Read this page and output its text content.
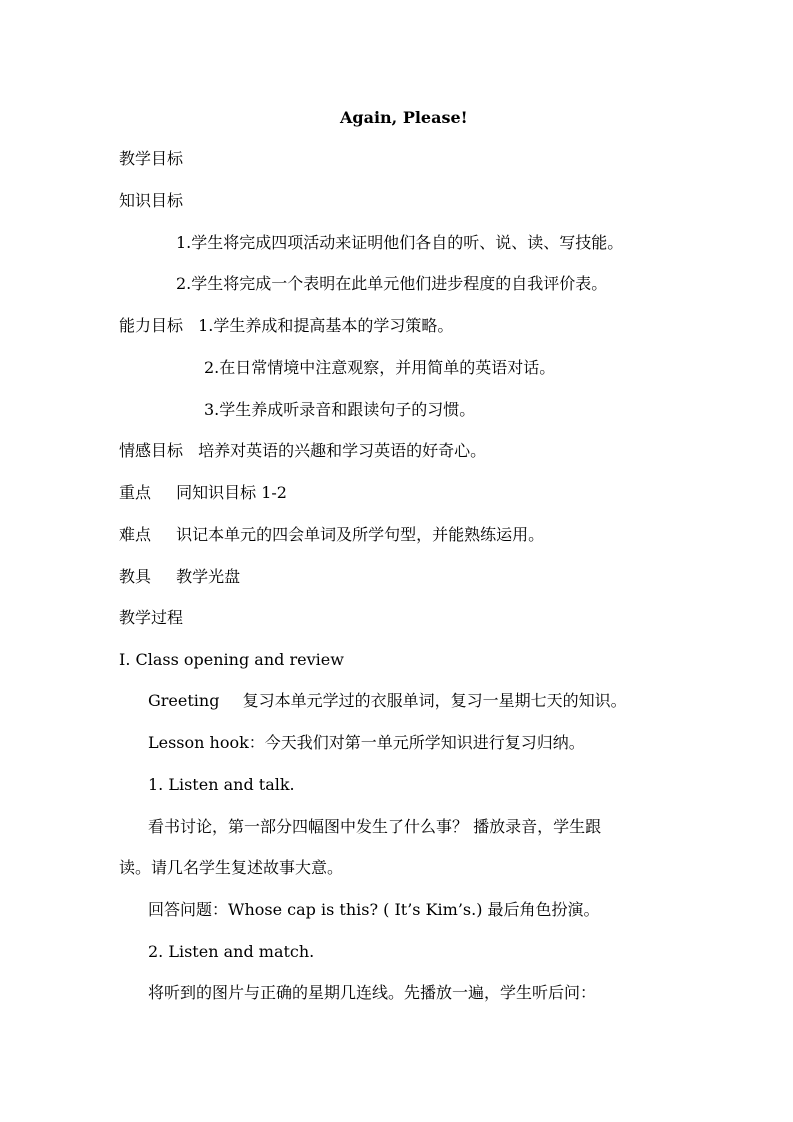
Again, Please!
教学目标
知识目标
1.学生将完成四项活动来证明他们各自的听、说、读、写技能。
2.学生将完成一个表明在此单元他们进步程度的自我评价表。
能力目标 1.学生养成和提高基本的学习策略。
2.在日常情境中注意观察，并用简单的英语对话。
3.学生养成听录音和跟读句子的习惯。
情感目标 培养对英语的兴趣和学习英语的好奇心。
重点 同知识目标 1-2
难点 识记本单元的四会单词及所学句型，并能熟练运用。
教具 教学光盘
教学过程
Ⅰ. Class opening and review
Greeting 复习本单元学过的衣服单词，复习一星期七天的知识。
Lesson hook：今天我们对第一单元所学知识进行复习归纳。
1. Listen and talk.
看书讨论，第一部分四幅图中发生了什么事？ 播放录音，学生跟
读。请几名学生复述故事大意。
回答问题：Whose cap is this? ( It’s Kim’s.) 最后角色扮演。
2. Listen and match.
将听到的图片与正确的星期几连线。先播放一遍，学生听后问：
